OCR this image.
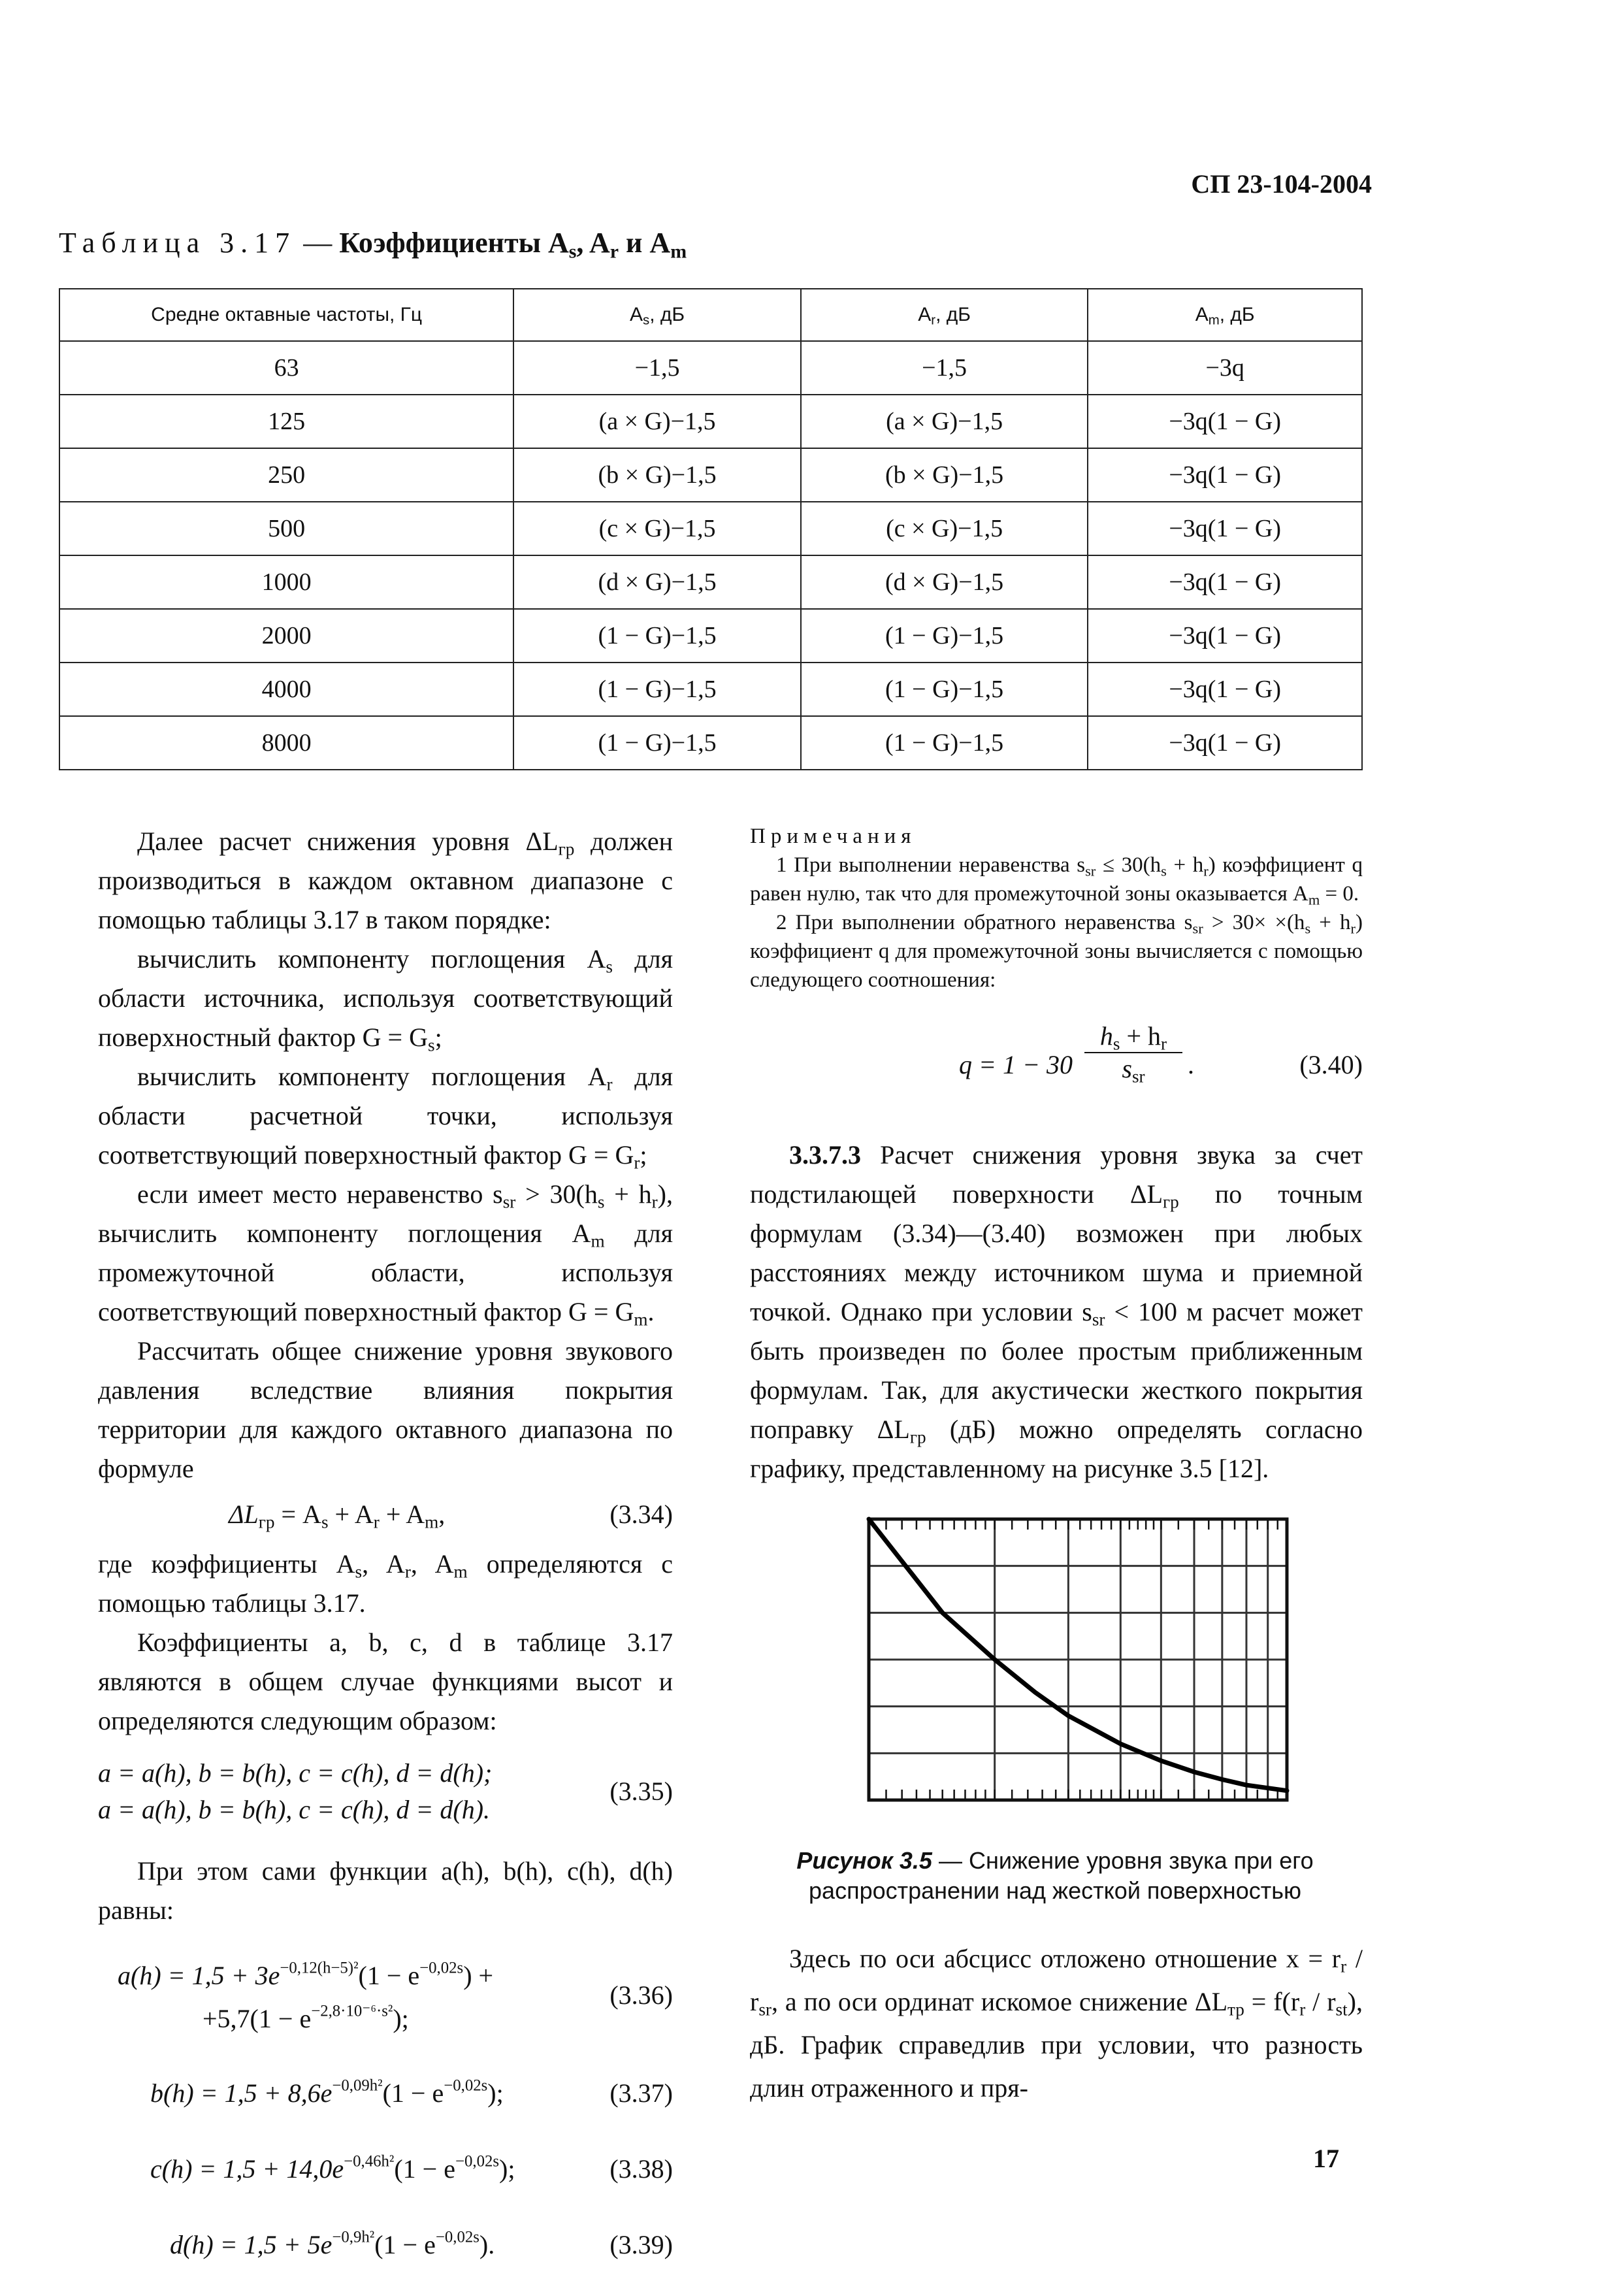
СП 23-104-2004
Таблица 3.17 — Коэффициенты $A_s$, $A_r$ и $A_m$
Средне октавные частоты, Гц	$A_s$, дБ	$A_r$, дБ	$A_m$, дБ
63	−1,5	−1,5	−3q
125	(a × G)−1,5	(a × G)−1,5	−3q(1 − G)
250	(b × G)−1,5	(b × G)−1,5	−3q(1 − G)
500	(c × G)−1,5	(c × G)−1,5	−3q(1 − G)
1000	(d × G)−1,5	(d × G)−1,5	−3q(1 − G)
2000	(1 − G)−1,5	(1 − G)−1,5	−3q(1 − G)
4000	(1 − G)−1,5	(1 − G)−1,5	−3q(1 − G)
8000	(1 − G)−1,5	(1 − G)−1,5	−3q(1 − G)

Далее расчет снижения уровня $\Delta L_{гр}$ должен производиться в каждом октавном диапазоне с помощью таблицы 3.17 в таком порядке:

вычислить компоненту поглощения $A_s$ для области источника, используя соответствующий поверхностный фактор $G = G_s$;

вычислить компоненту поглощения $A_r$ для области расчетной точки, используя соответствующий поверхностный фактор $G = G_r$;

если имеет место неравенство $s_{sr} > 30(h_s + h_r)$, вычислить компоненту поглощения $A_m$ для промежуточной области, используя соответствующий поверхностный фактор $G = G_m$.

Рассчитать общее снижение уровня звукового давления вследствие влияния покрытия территории для каждого октавного диапазона по формуле

$\Delta L_{гр} = A_s + A_r + A_m$,	(3.34)

где коэффициенты $A_s$, $A_r$, $A_m$ определяются с помощью таблицы 3.17.

Коэффициенты a, b, c, d в таблице 3.17 являются в общем случае функциями высот и определяются следующим образом:

a = a(h), b = b(h), c = c(h), d = d(h);
a = a(h), b = b(h), c = c(h), d = d(h).
(3.35)

При этом сами функции a(h), b(h), c(h), d(h) равны:

$a(h) = 1,5 + 3e^{-0,12(h-5)^2}(1 - e^{-0,02s})$ +
$+5,7(1 - e^{-2,8\cdot 10^{-6}\cdot s^2})$;
(3.36)
$b(h) = 1,5 + 8,6e^{-0,09h^2}(1 - e^{-0,02s})$;	(3.37)
$c(h) = 1,5 + 14,0e^{-0,46h^2}(1 - e^{-0,02s})$;	(3.38)
$d(h) = 1,5 + 5e^{-0,9h^2}(1 - e^{-0,02s})$.	(3.39)
Примечания
1 При выполнении неравенства $s_{sr} \le 30(h_s + h_r)$ коэффициент q равен нулю, так что для промежуточной зоны оказывается $A_m = 0$.
2 При выполнении обратного неравенства $s_{sr} > 30\times \times(h_s + h_r)$ коэффициент q для промежуточной зоны вычисляется с помощью следующего соотношения:
q = 1 − 30
$h_s + h_r$
$s_{sr}$	.	(3.40)

3.3.7.3 Расчет снижения уровня звука за счет подстилающей поверхности $\Delta L_{гр}$ по точным формулам (3.34)—(3.40) возможен при любых расстояниях между источником шума и приемной точкой. Однако при условии $s_{sr} < 100$ м расчет может быть произведен по более простым приближенным формулам. Так, для акустически жесткого покрытия поправку $\Delta L_{гр}$ (дБ) можно определять согласно графику, представленному на рисунке 3.5 [12].

Рисунок 3.5 — Снижение уровня звука при его распространении над жесткой поверхностью

Здесь по оси абсцисс отложено отношение $x = r_r / r_{sr}$, а по оси ординат искомое снижение $\Delta L_{тр} = f(r_r / r_{st})$, дБ. График справедлив при условии, что разность длин отраженного и пря-

17
